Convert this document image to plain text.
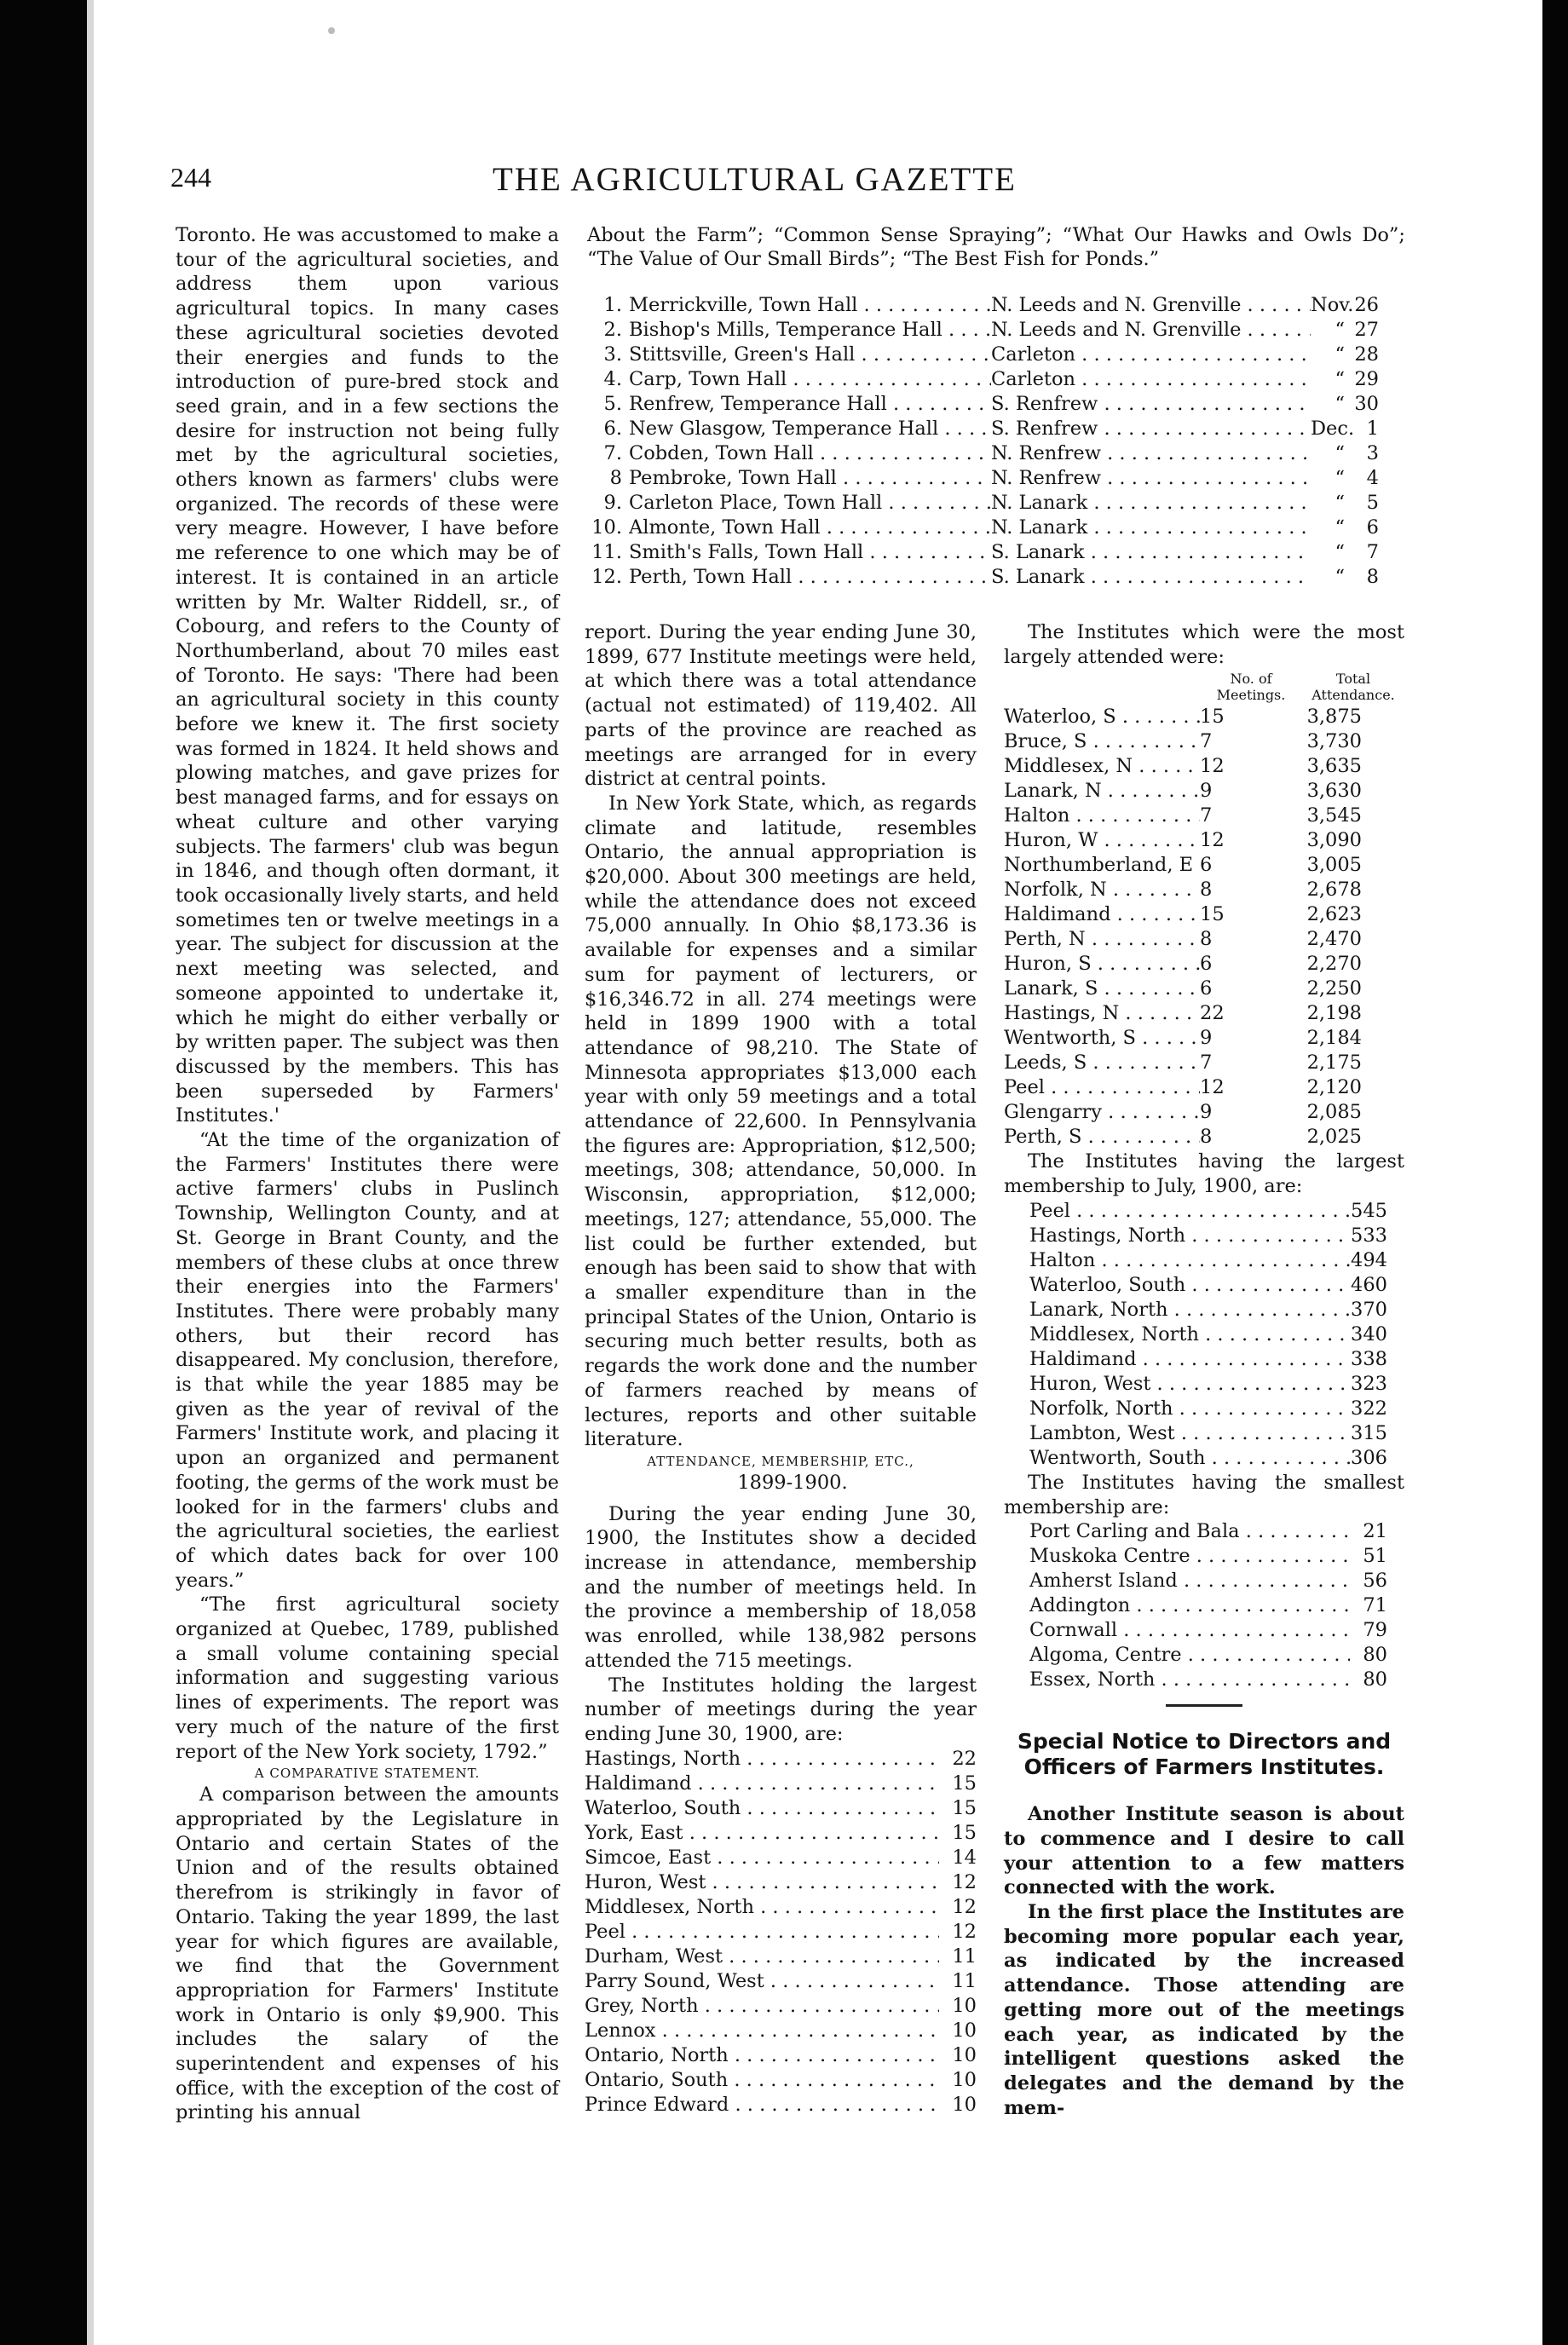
244	THE AGRICULTURAL GAZETTE

Toronto. He was accustomed to make a tour of the agricultural societies, and address them upon various agricultural topics. In many cases these agricultural societies devoted their energies and funds to the introduction of pure-bred stock and seed grain, and in a few sections the desire for instruction not being fully met by the agricultural societies, others known as farmers' clubs were organized. The records of these were very meagre. However, I have before me reference to one which may be of interest. It is contained in an article written by Mr. Walter Riddell, sr., of Cobourg, and refers to the County of Northumberland, about 70 miles east of Toronto. He says: 'There had been an agricultural society in this county before we knew it. The first society was formed in 1824. It held shows and plowing matches, and gave prizes for best managed farms, and for essays on wheat culture and other varying subjects. The farmers' club was begun in 1846, and though often dormant, it took occasionally lively starts, and held sometimes ten or twelve meetings in a year. The subject for discussion at the next meeting was selected, and someone appointed to undertake it, which he might do either verbally or by written paper. The subject was then discussed by the members. This has been superseded by Farmers' Institutes.'

“At the time of the organization of the Farmers' Institutes there were active farmers' clubs in Puslinch Township, Wellington County, and at St. George in Brant County, and the members of these clubs at once threw their energies into the Farmers' Institutes. There were probably many others, but their record has disappeared. My conclusion, therefore, is that while the year 1885 may be given as the year of revival of the Farmers' Institute work, and placing it upon an organized and permanent footing, the germs of the work must be looked for in the farmers' clubs and the agricultural societies, the earliest of which dates back for over 100 years.”

“The first agricultural society organized at Quebec, 1789, published a small volume containing special information and suggesting various lines of experiments. The report was very much of the nature of the first report of the New York society, 1792.”

A COMPARATIVE STATEMENT.

A comparison between the amounts appropriated by the Legislature in Ontario and certain States of the Union and of the results obtained therefrom is strikingly in favor of Ontario. Taking the year 1899, the last year for which figures are available, we find that the Government appropriation for Farmers' Institute work in Ontario is only $9,900. This includes the salary of the superintendent and expenses of his office, with the exception of the cost of printing his annual

About the Farm”; “Common Sense Spraying”; “What Our Hawks and Owls Do”; “The Value of Our Small Birds”; “The Best Fish for Ponds.”

1. Merrickville, Town Hall . . .	N. Leeds and N. Grenville . . .	Nov. 26
2. Bishop's Mills, Temperance Hall . . .	N. Leeds and N. Grenville . . .	“ 27
3. Stittsville, Green's Hall . . .	Carleton . . .	“ 28
4. Carp, Town Hall . . .	Carleton . . .	“ 29
5. Renfrew, Temperance Hall . . .	S. Renfrew . . .	“ 30
6. New Glasgow, Temperance Hall . . .	S. Renfrew . . .	Dec. 1
7. Cobden, Town Hall . . .	N. Renfrew . . .	“	3
8 Pembroke, Town Hall . . .	N. Renfrew . . .	“	4
9. Carleton Place, Town Hall . . .	N. Lanark . . .	“	5
10. Almonte, Town Hall . . .	N. Lanark . . .	“	6
11. Smith's Falls, Town Hall . . .	S. Lanark . . .	“	7
12. Perth, Town Hall . . .	S. Lanark . . .	“	8

report. During the year ending June 30, 1899, 677 Institute meetings were held, at which there was a total attendance (actual not estimated) of 119,402. All parts of the province are reached as meetings are arranged for in every district at central points.

In New York State, which, as regards climate and latitude, resembles Ontario, the annual appropriation is $20,000. About 300 meetings are held, while the attendance does not exceed 75,000 annually. In Ohio $8,173.36 is available for expenses and a similar sum for payment of lecturers, or $16,346.72 in all. 274 meetings were held in 1899 1900 with a total attendance of 98,210. The State of Minnesota appropriates $13,000 each year with only 59 meetings and a total attendance of 22,600. In Pennsylvania the figures are: Appropriation, $12,500; meetings, 308; attendance, 50,000. In Wisconsin, appropriation, $12,000; meetings, 127; attendance, 55,000. The list could be further extended, but enough has been said to show that with a smaller expenditure than in the principal States of the Union, Ontario is securing much better results, both as regards the work done and the number of farmers reached by means of lectures, reports and other suitable literature.

ATTENDANCE, MEMBERSHIP, ETC.,

1899-1900.

During the year ending June 30, 1900, the Institutes show a decided increase in attendance, membership and the number of meetings held. In the province a membership of 18,058 was enrolled, while 138,982 persons attended the 715 meetings.

The Institutes holding the largest number of meetings during the year ending June 30, 1900, are:

Hastings, North . . .	22
Haldimand . . .	15
Waterloo, South . . .	15
York, East . . .	15
Simcoe, East . . .	14
Huron, West . . .	12
Middlesex, North . . .	12
Peel . . .	12
Durham, West . . .	11
Parry Sound, West . . .	11
Grey, North . . .	10
Lennox . . .	10
Ontario, North . . .	10
Ontario, South . . .	10
Prince Edward . . .	10

The Institutes which were the most largely attended were:

No. of Meetings.
Total Attendance.
Waterloo, S . . .	15	3,875
Bruce, S . . .	7	3,730
Middlesex, N . . .	12	3,635
Lanark, N . . .	9	3,630
Halton . . .	7	3,545
Huron, W . . .	12	3,090
Northumberland, E . . . 6	3,005
Norfolk, N . . .	8	2,678
Haldimand . . .	15	2,623
Perth, N . . .	8	2,470
Huron, S . . .	6	2,270
Lanark, S . . .	6	2,250
Hastings, N . . .	22	2,198
Wentworth, S . . .	9	2,184
Leeds, S . . .	7	2,175
Peel . . .	12	2,120
Glengarry . . .	9	2,085
Perth, S . . .	8	2,025

The Institutes having the largest membership to July, 1900, are:

Peel . . .	545
Hastings, North . . .	533
Halton . . .	494
Waterloo, South . . .	460
Lanark, North . . .	370
Middlesex, North . . .	340
Haldimand . . .	338
Huron, West . . .	323
Norfolk, North . . .	322
Lambton, West . . .	315
Wentworth, South . . .	306

The Institutes having the smallest membership are:

Port Carling and Bala . . .	21
Muskoka Centre . . .	51
Amherst Island . . .	56
Addington . . .	71
Cornwall . . .	79
Algoma, Centre . . .	80
Essex, North . . .	80
Special Notice to Directors and Officers of Farmers Institutes.

Another Institute season is about to commence and I desire to call your attention to a few matters connected with the work.

In the first place the Institutes are becoming more popular each year, as indicated by the increased attendance. Those attending are getting more out of the meetings each year, as indicated by the intelligent questions asked the delegates and the demand by the mem-
